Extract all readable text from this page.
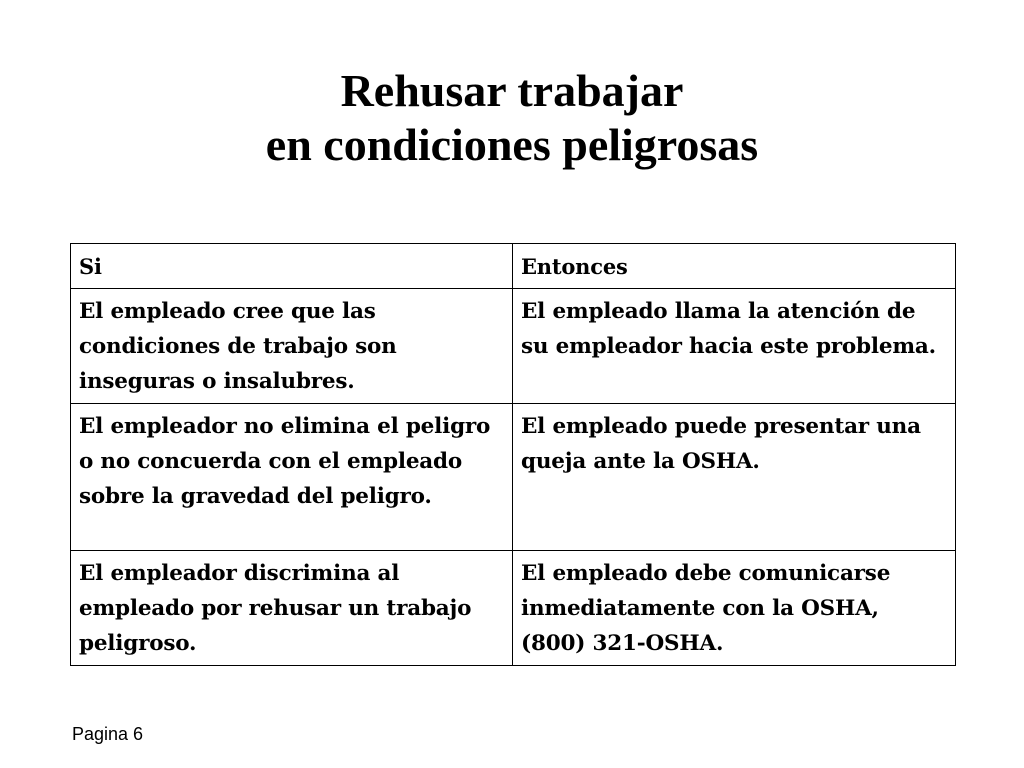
Rehusar trabajar
en condiciones peligrosas
Si	Entonces
El empleado cree que las condiciones de trabajo son inseguras o insalubres.	El empleado llama la atención de su empleador hacia este problema.
El empleador no elimina el peligro o no concuerda con el empleado sobre la gravedad del peligro.	El empleado puede presentar una queja ante la OSHA.
El empleador discrimina al empleado por rehusar un trabajo peligroso.	El empleado debe comunicarse inmediatamente con la OSHA, (800) 321-OSHA.
Pagina 6
